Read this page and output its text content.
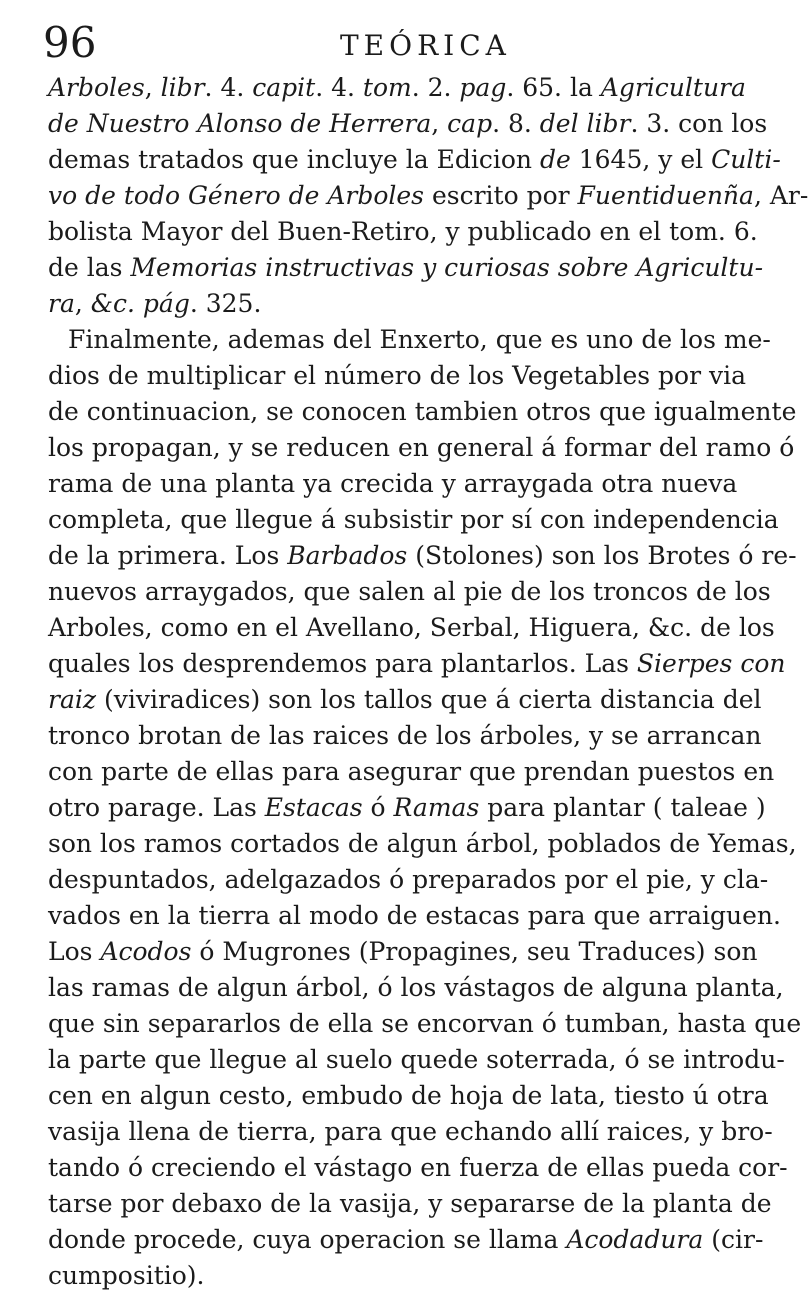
96	TEÓRICA
Arboles, libr. 4. capit. 4. tom. 2. pag. 65. la Agricultura
de Nuestro Alonso de Herrera, cap. 8. del libr. 3. con los
demas tratados que incluye la Edicion de 1645, y el Culti-
vo de todo Género de Arboles escrito por Fuentiduenña, Ar-
bolista Mayor del Buen-Retiro, y publicado en el tom. 6.
de las Memorias instructivas y curiosas sobre Agricultu-
ra, &c. pág. 325.
Finalmente, ademas del Enxerto, que es uno de los me-
dios de multiplicar el número de los Vegetables por via
de continuacion, se conocen tambien otros que igualmente
los propagan, y se reducen en general á formar del ramo ó
rama de una planta ya crecida y arraygada otra nueva
completa, que llegue á subsistir por sí con independencia
de la primera. Los Barbados (Stolones) son los Brotes ó re-
nuevos arraygados, que salen al pie de los troncos de los
Arboles, como en el Avellano, Serbal, Higuera, &c. de los
quales los desprendemos para plantarlos. Las Sierpes con
raiz (viviradices) son los tallos que á cierta distancia del
tronco brotan de las raices de los árboles, y se arrancan
con parte de ellas para asegurar que prendan puestos en
otro parage. Las Estacas ó Ramas para plantar ( taleae )
son los ramos cortados de algun árbol, poblados de Yemas,
despuntados, adelgazados ó preparados por el pie, y cla-
vados en la tierra al modo de estacas para que arraiguen.
Los Acodos ó Mugrones (Propagines, seu Traduces) son
las ramas de algun árbol, ó los vástagos de alguna planta,
que sin separarlos de ella se encorvan ó tumban, hasta que
la parte que llegue al suelo quede soterrada, ó se introdu-
cen en algun cesto, embudo de hoja de lata, tiesto ú otra
vasija llena de tierra, para que echando allí raices, y bro-
tando ó creciendo el vástago en fuerza de ellas pueda cor-
tarse por debaxo de la vasija, y separarse de la planta de
donde procede, cuya operacion se llama Acodadura (cir-
cumpositio).
